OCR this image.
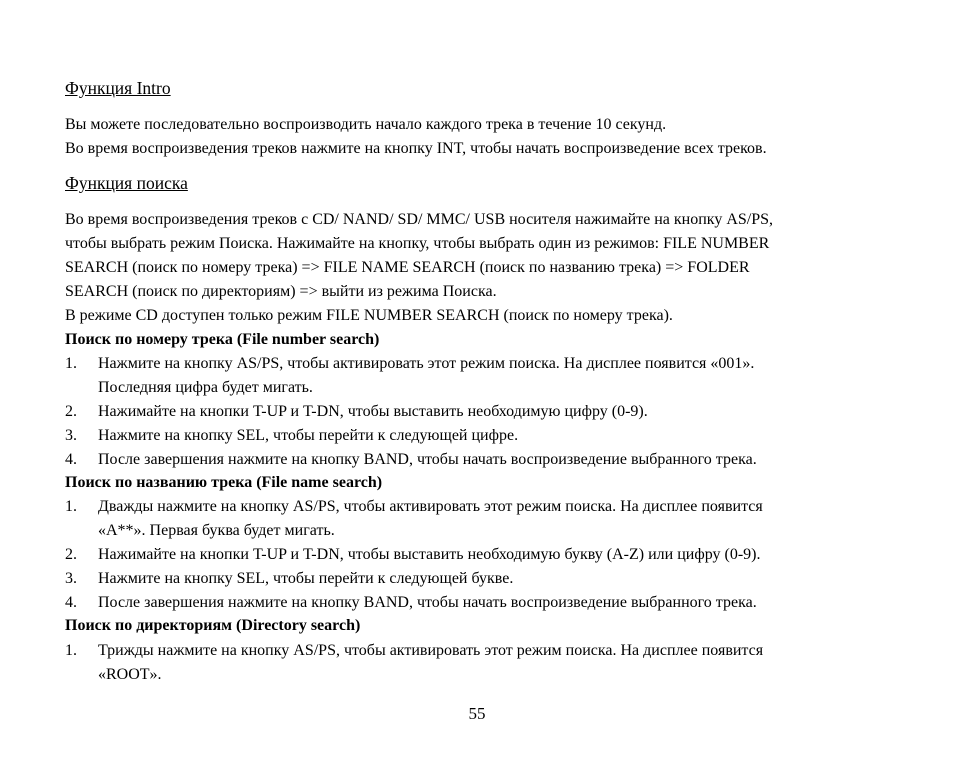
Функция Intro
Вы можете последовательно воспроизводить начало каждого трека в течение 10 секунд.
Во время воспроизведения треков нажмите на кнопку INT, чтобы начать воспроизведение всех треков.
Функция поиска
Во время воспроизведения треков с CD/ NAND/ SD/ MMC/ USB носителя нажимайте на кнопку AS/PS,
чтобы выбрать режим Поиска. Нажимайте на кнопку, чтобы выбрать один из режимов: FILE NUMBER
SEARCH (поиск по номеру трека) => FILE NAME SEARCH (поиск по названию трека) => FOLDER
SEARCH (поиск по директориям) => выйти из режима Поиска.
В режиме CD доступен только режим FILE NUMBER SEARCH (поиск по номеру трека).
Поиск по номеру трека (File number search)
1. Нажмите на кнопку AS/PS, чтобы активировать этот режим поиска. На дисплее появится «001».
Последняя цифра будет мигать.
2. Нажимайте на кнопки T-UP и T-DN, чтобы выставить необходимую цифру (0-9).
3. Нажмите на кнопку SEL, чтобы перейти к следующей цифре.
4. После завершения нажмите на кнопку BAND, чтобы начать воспроизведение выбранного трека.
Поиск по названию трека (File name search)
1. Дважды нажмите на кнопку AS/PS, чтобы активировать этот режим поиска. На дисплее появится
«A**». Первая буква будет мигать.
2. Нажимайте на кнопки T-UP и T-DN, чтобы выставить необходимую букву (A-Z) или цифру (0-9).
3. Нажмите на кнопку SEL, чтобы перейти к следующей букве.
4. После завершения нажмите на кнопку BAND, чтобы начать воспроизведение выбранного трека.
Поиск по директориям (Directory search)
1. Трижды нажмите на кнопку AS/PS, чтобы активировать этот режим поиска. На дисплее появится
«ROOT».
55
